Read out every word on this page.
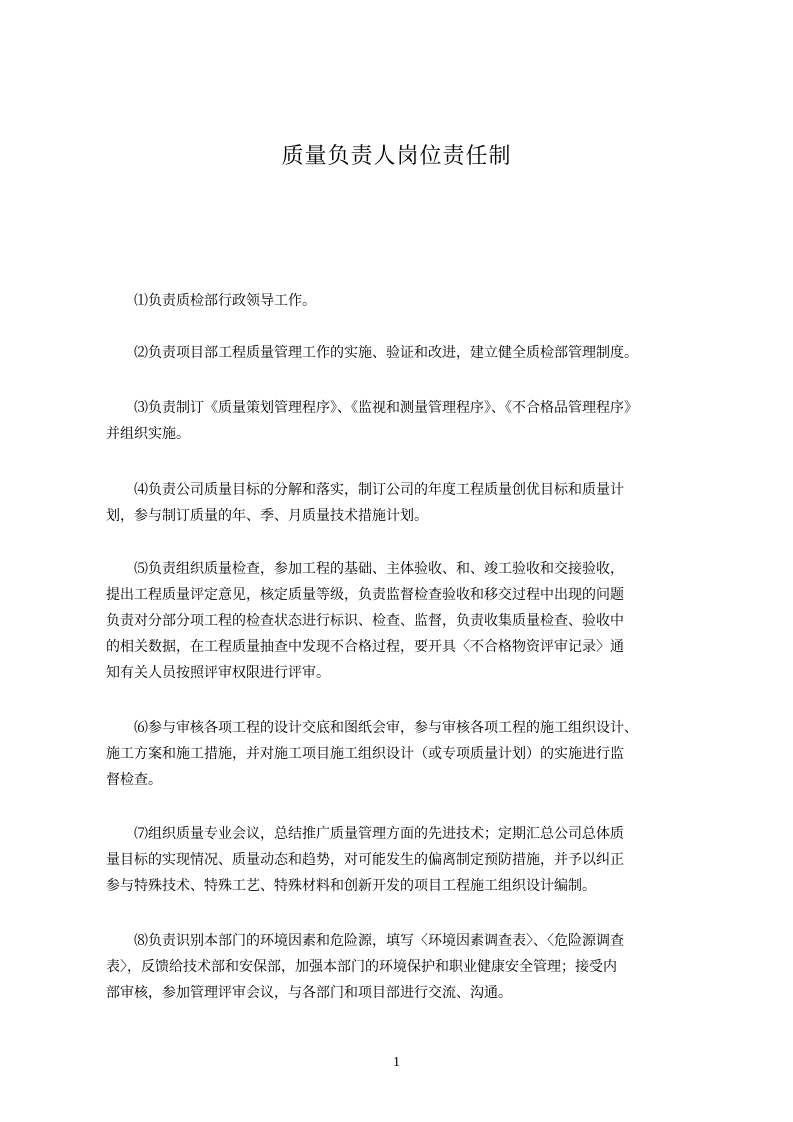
质量负责人岗位责任制
⑴负责质检部行政领导工作。
⑵负责项目部工程质量管理工作的实施、验证和改进，建立健全质检部管理制度。
⑶负责制订《质量策划管理程序》、《监视和测量管理程序》、《不合格品管理程序》
并组织实施。
⑷负责公司质量目标的分解和落实，制订公司的年度工程质量创优目标和质量计
划，参与制订质量的年、季、月质量技术措施计划。
⑸负责组织质量检查，参加工程的基础、主体验收、和、竣工验收和交接验收，
提出工程质量评定意见，核定质量等级，负责监督检查验收和移交过程中出现的问题
负责对分部分项工程的检查状态进行标识、检查、监督，负责收集质量检查、验收中
的相关数据，在工程质量抽查中发现不合格过程，要开具〈不合格物资评审记录〉通
知有关人员按照评审权限进行评审。
⑹参与审核各项工程的设计交底和图纸会审，参与审核各项工程的施工组织设计、
施工方案和施工措施，并对施工项目施工组织设计（或专项质量计划）的实施进行监
督检查。
⑺组织质量专业会议，总结推广质量管理方面的先进技术；定期汇总公司总体质
量目标的实现情况、质量动态和趋势，对可能发生的偏离制定预防措施，并予以纠正
参与特殊技术、特殊工艺、特殊材料和创新开发的项目工程施工组织设计编制。
⑻负责识别本部门的环境因素和危险源，填写〈环境因素调查表〉、〈危险源调查
表〉，反馈给技术部和安保部，加强本部门的环境保护和职业健康安全管理；接受内
部审核，参加管理评审会议，与各部门和项目部进行交流、沟通。
1
